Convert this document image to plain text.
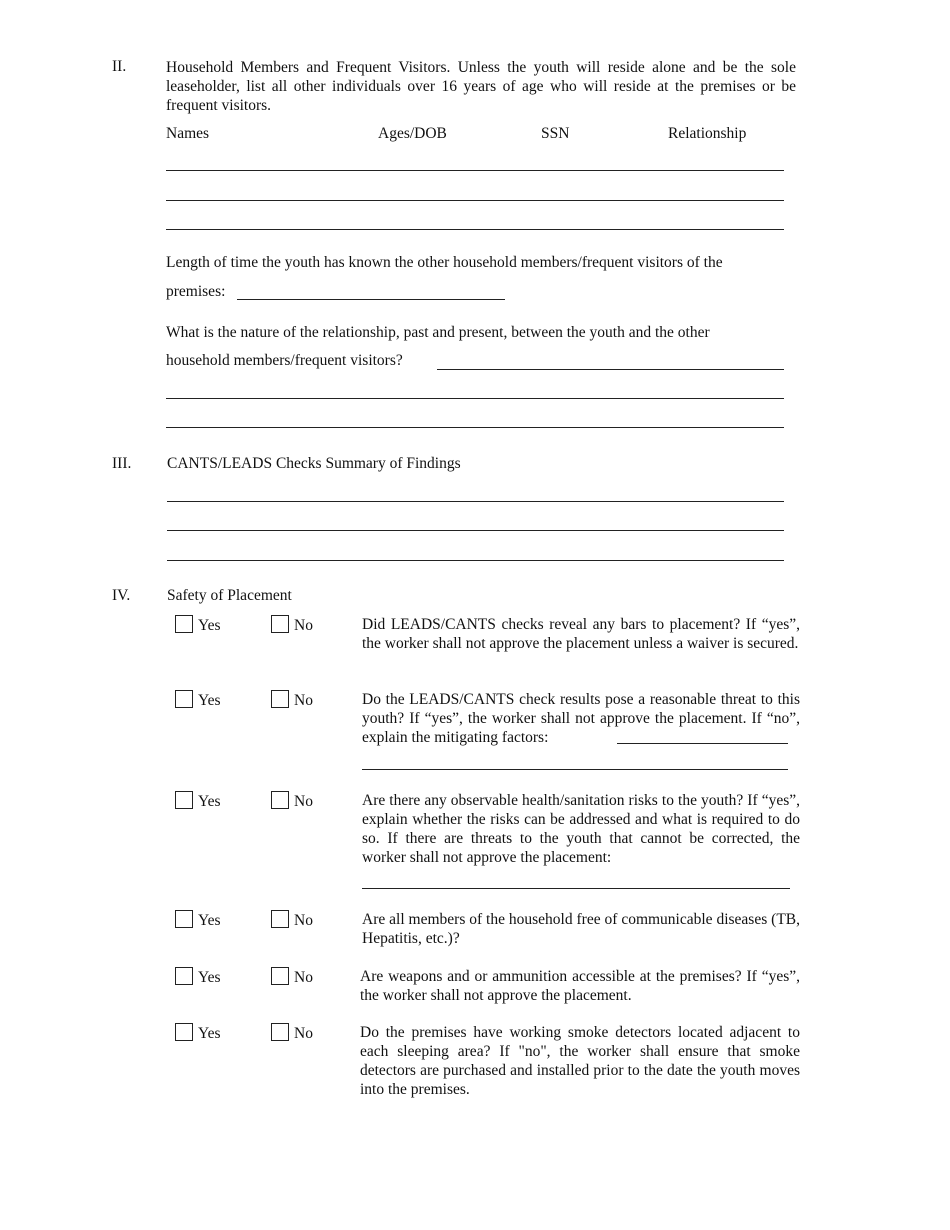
II.	Household Members and Frequent Visitors. Unless the youth will reside alone and be the sole leaseholder, list all other individuals over 16 years of age who will reside at the premises or be frequent visitors.
Names	Ages/DOB	SSN	Relationship
Length of time the youth has known the other household members/frequent visitors of the
premises:
What is the nature of the relationship, past and present, between the youth and the other
household members/frequent visitors?
III. CANTS/LEADS Checks Summary of Findings
IV. Safety of Placement
Yes	No	Did LEADS/CANTS checks reveal any bars to placement? If “yes”, the worker shall not approve the placement unless a waiver is secured.
Yes	No	Do the LEADS/CANTS check results pose a reasonable threat to this youth? If “yes”, the worker shall not approve the placement. If “no”, explain the mitigating factors:
Yes	No	Are there any observable health/sanitation risks to the youth? If “yes”, explain whether the risks can be addressed and what is required to do so. If there are threats to the youth that cannot be corrected, the worker shall not approve the placement:
Yes	No	Are all members of the household free of communicable diseases (TB, Hepatitis, etc.)?
Yes	No	Are weapons and or ammunition accessible at the premises? If “yes”, the worker shall not approve the placement.
Yes	No	Do the premises have working smoke detectors located adjacent to each sleeping area? If "no", the worker shall ensure that smoke detectors are purchased and installed prior to the date the youth moves into the premises.
